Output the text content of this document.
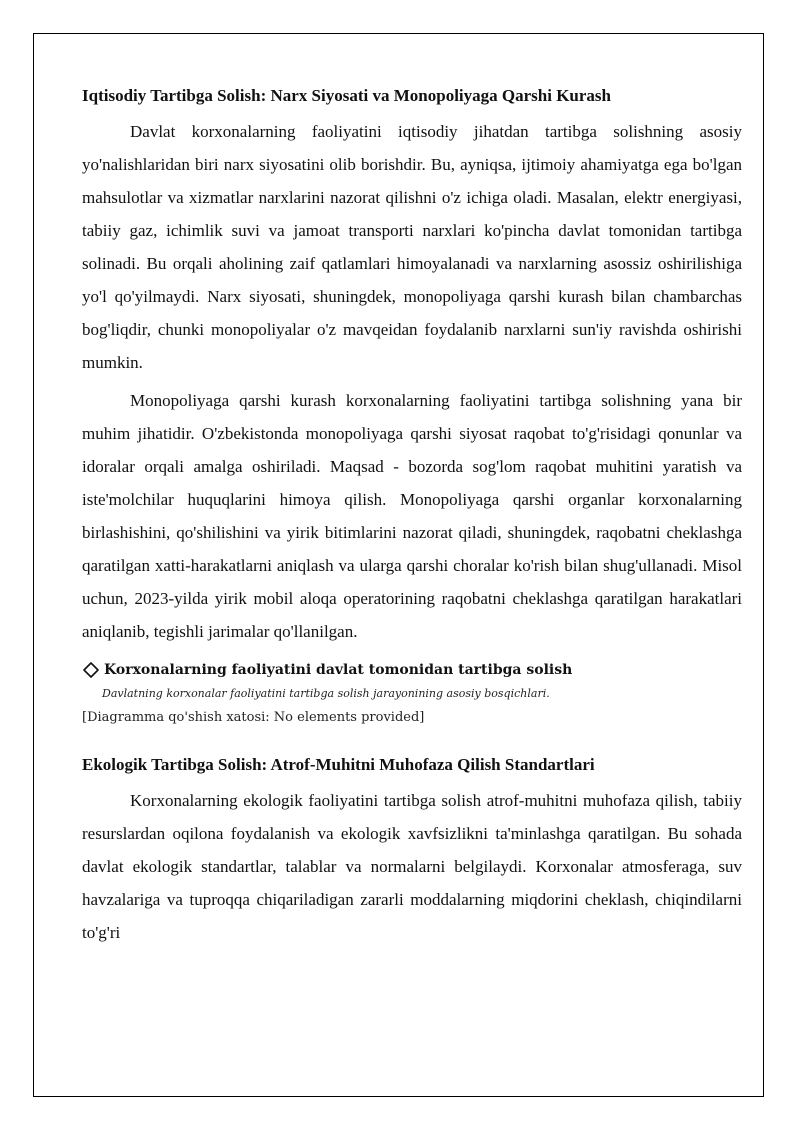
Iqtisodiy Tartibga Solish: Narx Siyosati va Monopoliyaga Qarshi Kurash

Davlat korxonalarning faoliyatini iqtisodiy jihatdan tartibga solishning asosiy yo'nalishlaridan biri narx siyosatini olib borishdir. Bu, ayniqsa, ijtimoiy ahamiyatga ega bo'lgan mahsulotlar va xizmatlar narxlarini nazorat qilishni o'z ichiga oladi. Masalan, elektr energiyasi, tabiiy gaz, ichimlik suvi va jamoat transporti narxlari ko'pincha davlat tomonidan tartibga solinadi. Bu orqali aholining zaif qatlamlari himoyalanadi va narxlarning asossiz oshirilishiga yo'l qo'yilmaydi. Narx siyosati, shuningdek, monopoliyaga qarshi kurash bilan chambarchas bog'liqdir, chunki monopoliyalar o'z mavqeidan foydalanib narxlarni sun'iy ravishda oshirishi mumkin.

Monopoliyaga qarshi kurash korxonalarning faoliyatini tartibga solishning yana bir muhim jihatidir. O'zbekistonda monopoliyaga qarshi siyosat raqobat to'g'risidagi qonunlar va idoralar orqali amalga oshiriladi. Maqsad - bozorda sog'lom raqobat muhitini yaratish va iste'molchilar huquqlarini himoya qilish. Monopoliyaga qarshi organlar korxonalarning birlashishini, qo'shilishini va yirik bitimlarini nazorat qiladi, shuningdek, raqobatni cheklashga qaratilgan xatti-harakatlarni aniqlash va ularga qarshi choralar ko'rish bilan shug'ullanadi. Misol uchun, 2023-yilda yirik mobil aloqa operatorining raqobatni cheklashga qaratilgan harakatlari aniqlanib, tegishli jarimalar qo'llanilgan.

Korxonalarning faoliyatini davlat tomonidan tartibga solish
Davlatning korxonalar faoliyatini tartibga solish jarayonining asosiy bosqichlari.
[Diagramma qo'shish xatosi: No elements provided]
Ekologik Tartibga Solish: Atrof-Muhitni Muhofaza Qilish Standartlari

Korxonalarning ekologik faoliyatini tartibga solish atrof-muhitni muhofaza qilish, tabiiy resurslardan oqilona foydalanish va ekologik xavfsizlikni ta'minlashga qaratilgan. Bu sohada davlat ekologik standartlar, talablar va normalarni belgilaydi. Korxonalar atmosferaga, suv havzalariga va tuproqqa chiqariladigan zararli moddalarning miqdorini cheklash, chiqindilarni to'g'ri
